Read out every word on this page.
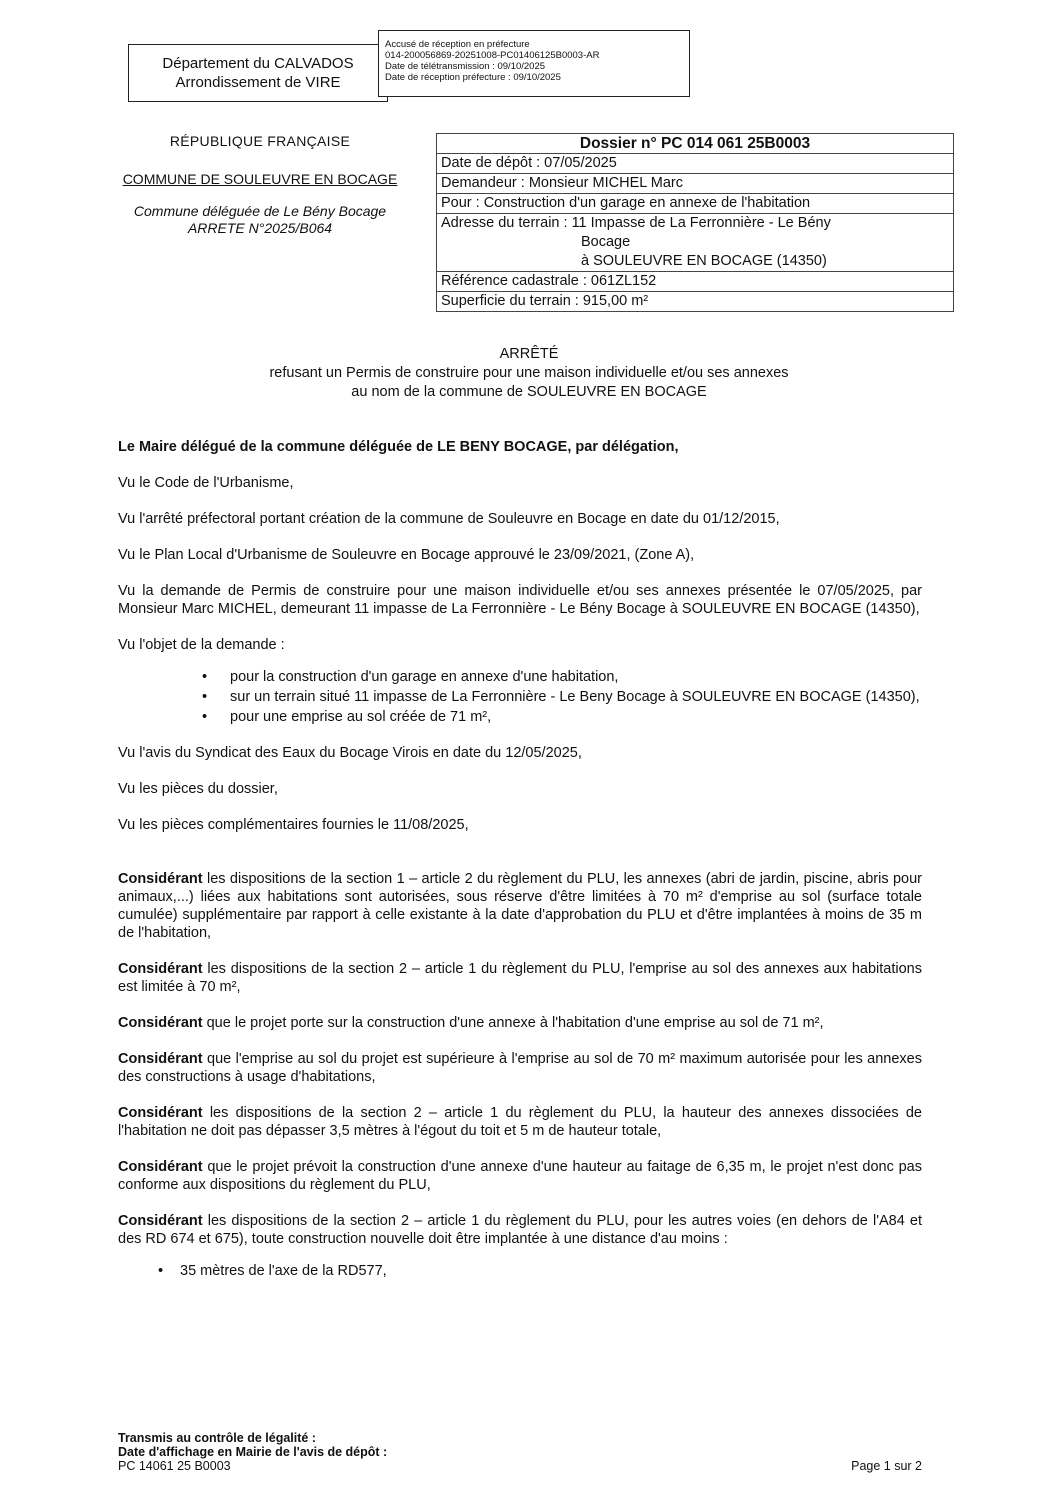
Département du CALVADOS
Arrondissement de VIRE
Accusé de réception en préfecture
014-200056869-20251008-PC01406125B0003-AR
Date de télétransmission : 09/10/2025
Date de réception préfecture : 09/10/2025
RÉPUBLIQUE FRANÇAISE
COMMUNE DE SOULEUVRE EN BOCAGE
Commune déléguée de Le Bény Bocage
ARRETE N°2025/B064
Dossier n° PC 014 061 25B0003
Date de dépôt : 07/05/2025
Demandeur : Monsieur MICHEL Marc
Pour : Construction d'un garage en annexe de l'habitation
Adresse du terrain : 11 Impasse de La Ferronnière - Le Bény
Bocage
à SOULEUVRE EN BOCAGE (14350)
Référence cadastrale : 061ZL152
Superficie du terrain : 915,00 m²
ARRÊTÉ
refusant un Permis de construire pour une maison individuelle et/ou ses annexes
au nom de la commune de SOULEUVRE EN BOCAGE

Le Maire délégué de la commune déléguée de LE BENY BOCAGE, par délégation,

Vu le Code de l'Urbanisme,

Vu l'arrêté préfectoral portant création de la commune de Souleuvre en Bocage en date du 01/12/2015,

Vu le Plan Local d'Urbanisme de Souleuvre en Bocage approuvé le 23/09/2021, (Zone A),

Vu la demande de Permis de construire pour une maison individuelle et/ou ses annexes présentée le 07/05/2025, par Monsieur Marc MICHEL, demeurant 11 impasse de La Ferronnière - Le Bény Bocage à SOULEUVRE EN BOCAGE (14350),

Vu l'objet de la demande :

• pour la construction d'un garage en annexe d'une habitation,
• sur un terrain situé 11 impasse de La Ferronnière - Le Beny Bocage à SOULEUVRE EN BOCAGE (14350),
• pour une emprise au sol créée de 71 m²,

Vu l'avis du Syndicat des Eaux du Bocage Virois en date du 12/05/2025,

Vu les pièces du dossier,

Vu les pièces complémentaires fournies le 11/08/2025,

Considérant les dispositions de la section 1 – article 2 du règlement du PLU, les annexes (abri de jardin, piscine, abris pour animaux,...) liées aux habitations sont autorisées, sous réserve d'être limitées à 70 m² d'emprise au sol (surface totale cumulée) supplémentaire par rapport à celle existante à la date d'approbation du PLU et d'être implantées à moins de 35 m de l'habitation,

Considérant les dispositions de la section 2 – article 1 du règlement du PLU, l'emprise au sol des annexes aux habitations est limitée à 70 m²,

Considérant que le projet porte sur la construction d'une annexe à l'habitation d'une emprise au sol de 71 m²,

Considérant que l'emprise au sol du projet est supérieure à l'emprise au sol de 70 m² maximum autorisée pour les annexes des constructions à usage d'habitations,

Considérant les dispositions de la section 2 – article 1 du règlement du PLU, la hauteur des annexes dissociées de l'habitation ne doit pas dépasser 3,5 mètres à l'égout du toit et 5 m de hauteur totale,

Considérant que le projet prévoit la construction d'une annexe d'une hauteur au faitage de 6,35 m, le projet n'est donc pas conforme aux dispositions du règlement du PLU,

Considérant les dispositions de la section 2 – article 1 du règlement du PLU, pour les autres voies (en dehors de l'A84 et des RD 674 et 675), toute construction nouvelle doit être implantée à une distance d'au moins :

• 35 mètres de l'axe de la RD577,
Transmis au contrôle de légalité :
Date d'affichage en Mairie de l'avis de dépôt :
PC 14061 25 B0003	Page 1 sur 2
